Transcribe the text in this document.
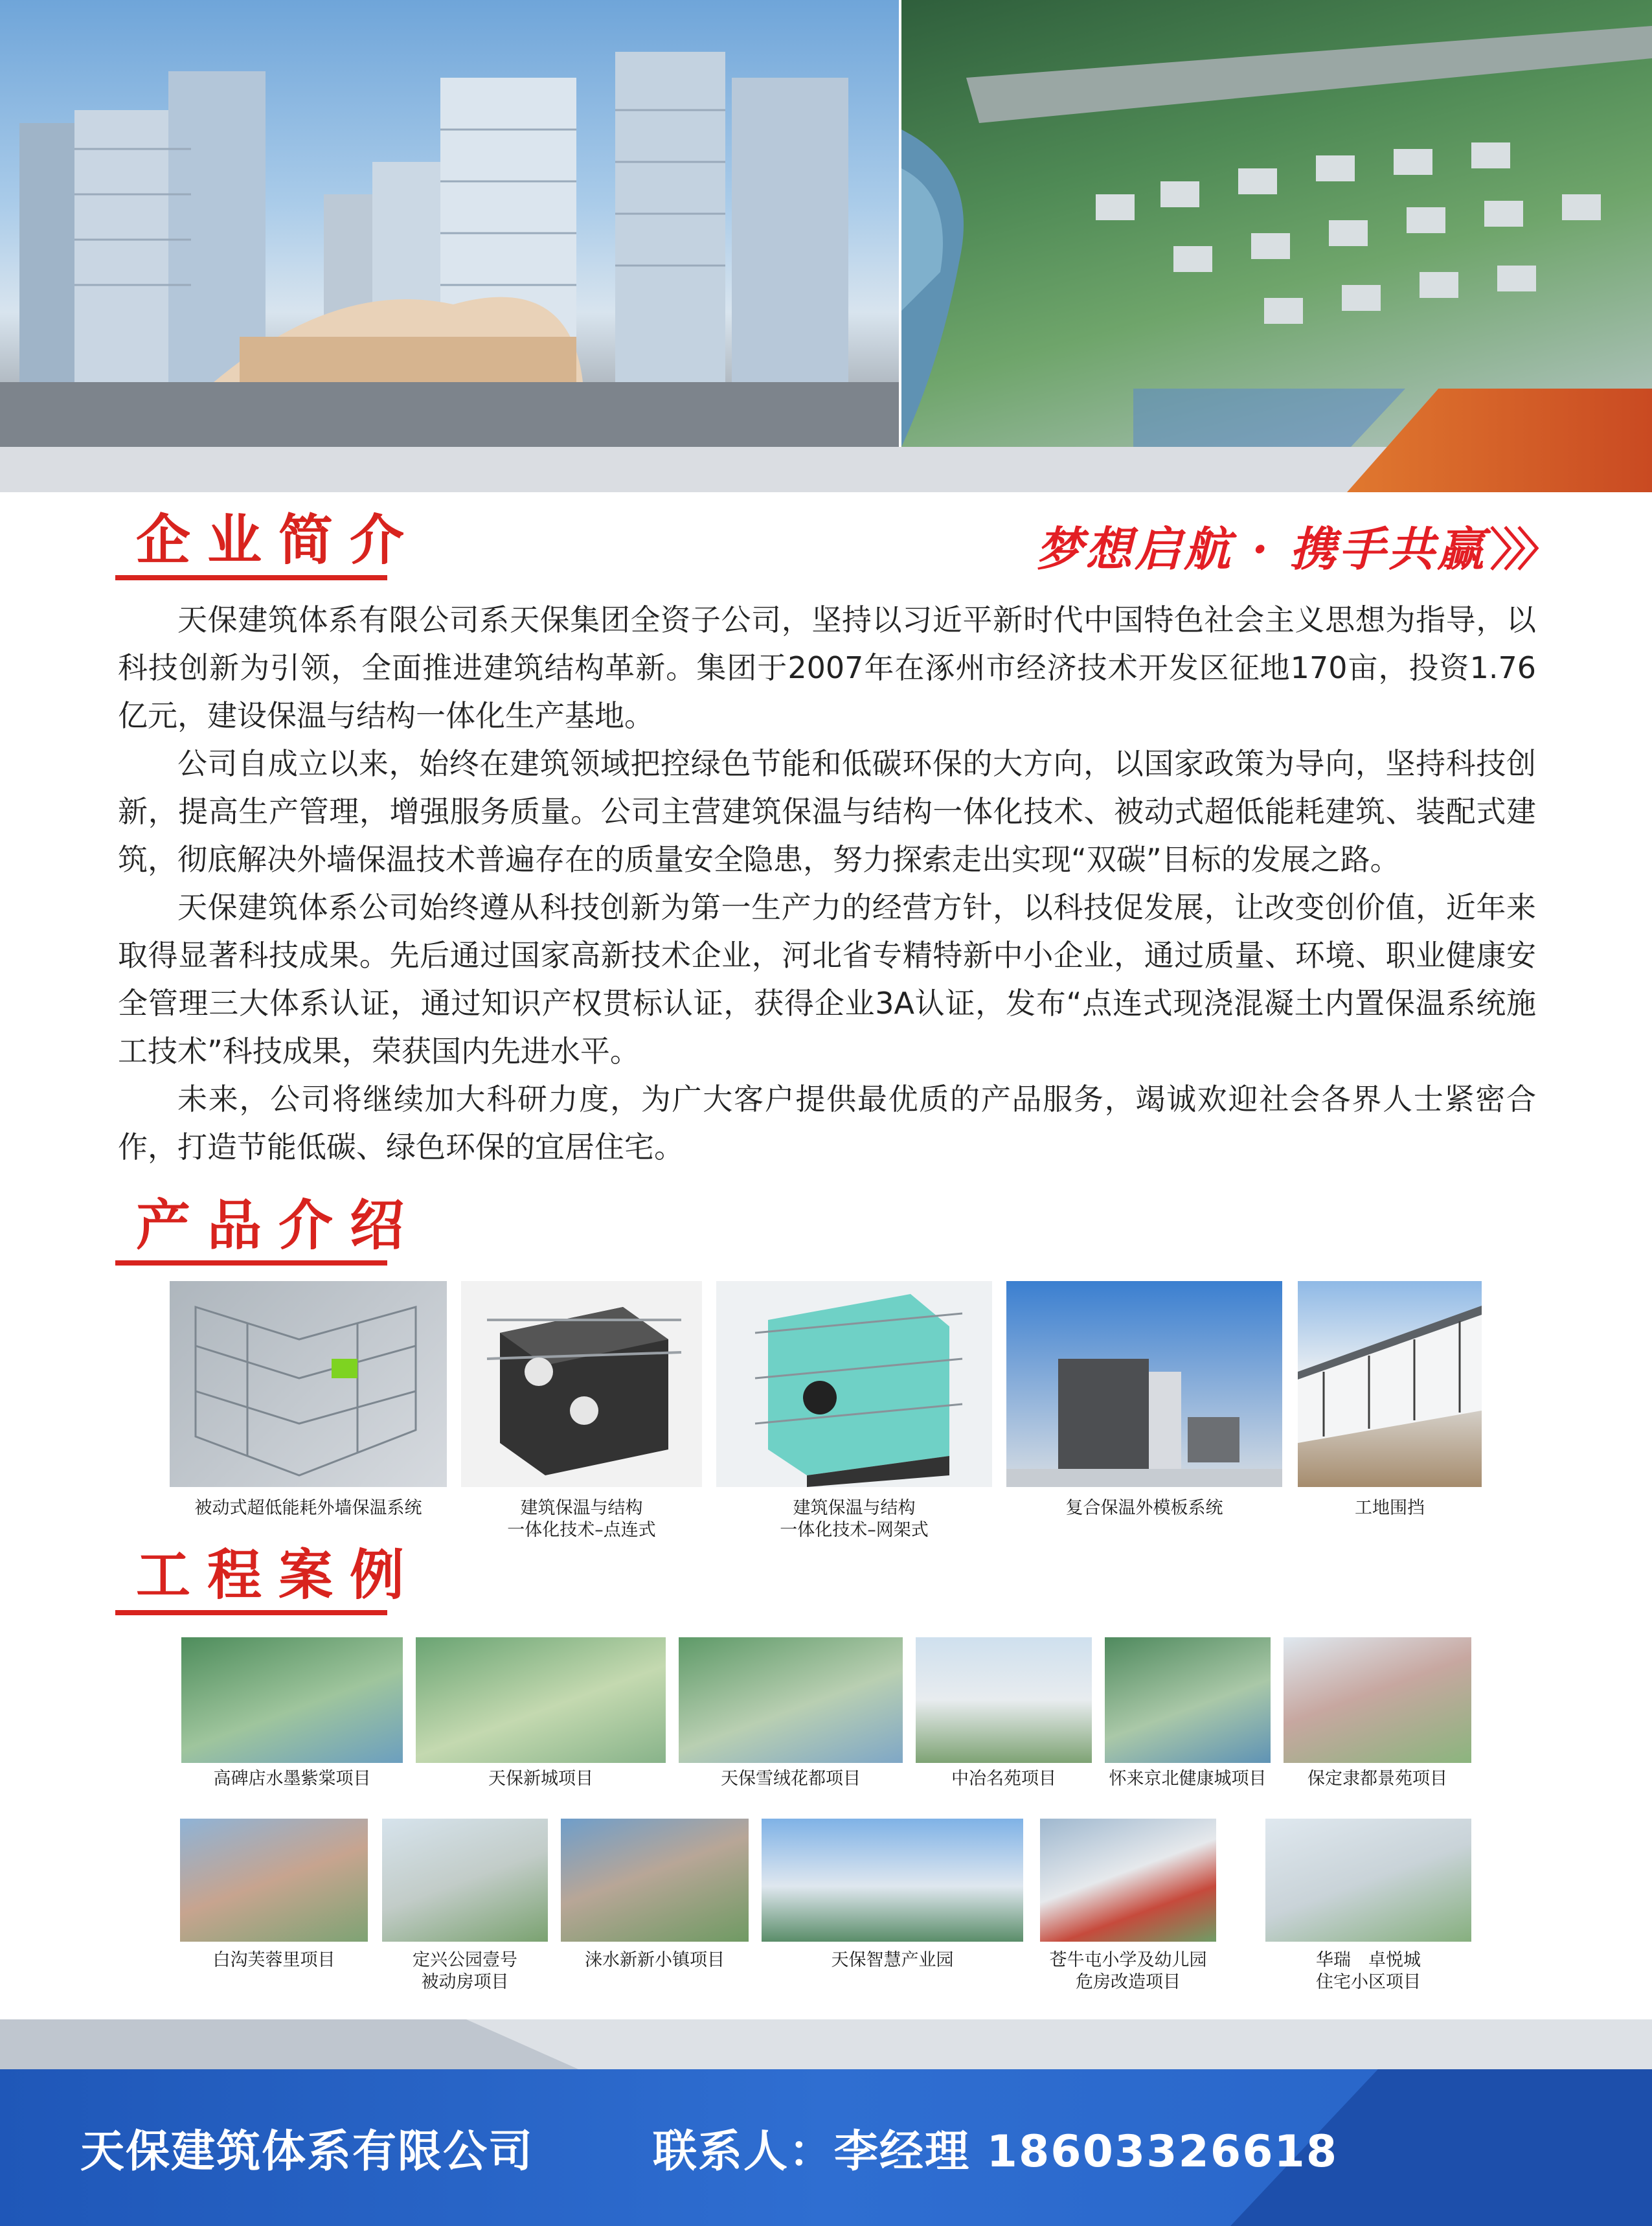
企业简介	梦想启航 · 携手共赢 〉〉〉

天保建筑体系有限公司系天保集团全资子公司，坚持以习近平新时代中国特色社会主义思想为指导，以科技创新为引领，全面推进建筑结构革新。集团于2007年在涿州市经济技术开发区征地170亩，投资1.76亿元，建设保温与结构一体化生产基地。

公司自成立以来，始终在建筑领域把控绿色节能和低碳环保的大方向，以国家政策为导向，坚持科技创新，提高生产管理，增强服务质量。公司主营建筑保温与结构一体化技术、被动式超低能耗建筑、装配式建筑，彻底解决外墙保温技术普遍存在的质量安全隐患，努力探索走出实现“双碳”目标的发展之路。

天保建筑体系公司始终遵从科技创新为第一生产力的经营方针，以科技促发展，让改变创价值，近年来取得显著科技成果。先后通过国家高新技术企业，河北省专精特新中小企业，通过质量、环境、职业健康安全管理三大体系认证，通过知识产权贯标认证，获得企业3A认证，发布“点连式现浇混凝土内置保温系统施工技术”科技成果，荣获国内先进水平。

未来，公司将继续加大科研力度，为广大客户提供最优质的产品服务，竭诚欢迎社会各界人士紧密合作，打造节能低碳、绿色环保的宜居住宅。

产品介绍
被动式超低能耗外墙保温系统	建筑保温与结构
一体化技术–点连式
建筑保温与结构
一体化技术–网架式
复合保温外模板系统	工地围挡
工程案例
高碑店水墨紫棠项目	天保新城项目	天保雪绒花都项目	中冶名苑项目	怀来京北健康城项目	保定隶都景苑项目
白沟芙蓉里项目	定兴公园壹号
被动房项目
涞水新新小镇项目	天保智慧产业园	苍牛屯小学及幼儿园
危房改造项目
华瑞　卓悦城
住宅小区项目
天保建筑体系有限公司	联系人：李经理 18603326618
